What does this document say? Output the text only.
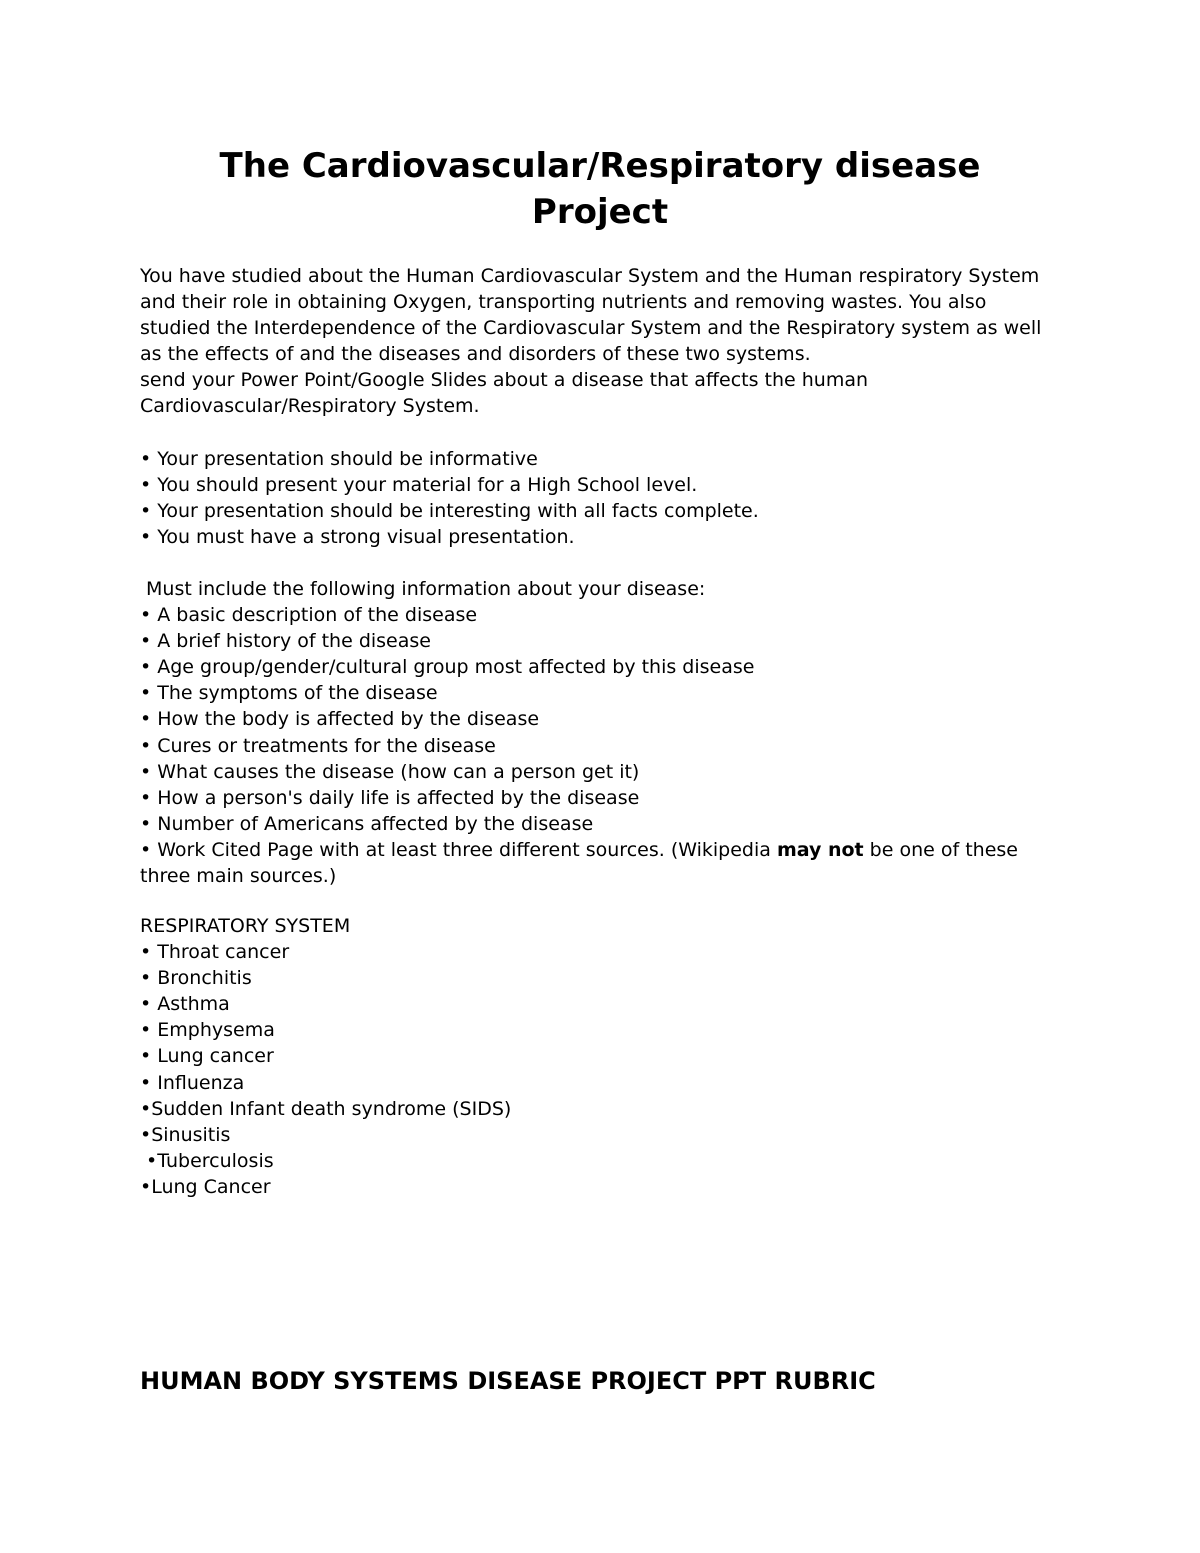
The Cardiovascular/Respiratory disease
Project
You have studied about the Human Cardiovascular System and the Human respiratory System
and their role in obtaining Oxygen, transporting nutrients and removing wastes. You also
studied the Interdependence of the Cardiovascular System and the Respiratory system as well
as the effects of and the diseases and disorders of these two systems.
send your Power Point/Google Slides about a disease that affects the human
Cardiovascular/Respiratory System.
• Your presentation should be informative
• You should present your material for a High School level.
• Your presentation should be interesting with all facts complete.
• You must have a strong visual presentation.
Must include the following information about your disease:
• A basic description of the disease
• A brief history of the disease
• Age group/gender/cultural group most affected by this disease
• The symptoms of the disease
• How the body is affected by the disease
• Cures or treatments for the disease
• What causes the disease (how can a person get it)
• How a person's daily life is affected by the disease
• Number of Americans affected by the disease
• Work Cited Page with at least three different sources. (Wikipedia may not be one of these
three main sources.)
RESPIRATORY SYSTEM
• Throat cancer
• Bronchitis
• Asthma
• Emphysema
• Lung cancer
• Influenza
•Sudden Infant death syndrome (SIDS)
•Sinusitis
•Tuberculosis
•Lung Cancer
HUMAN BODY SYSTEMS DISEASE PROJECT PPT RUBRIC
